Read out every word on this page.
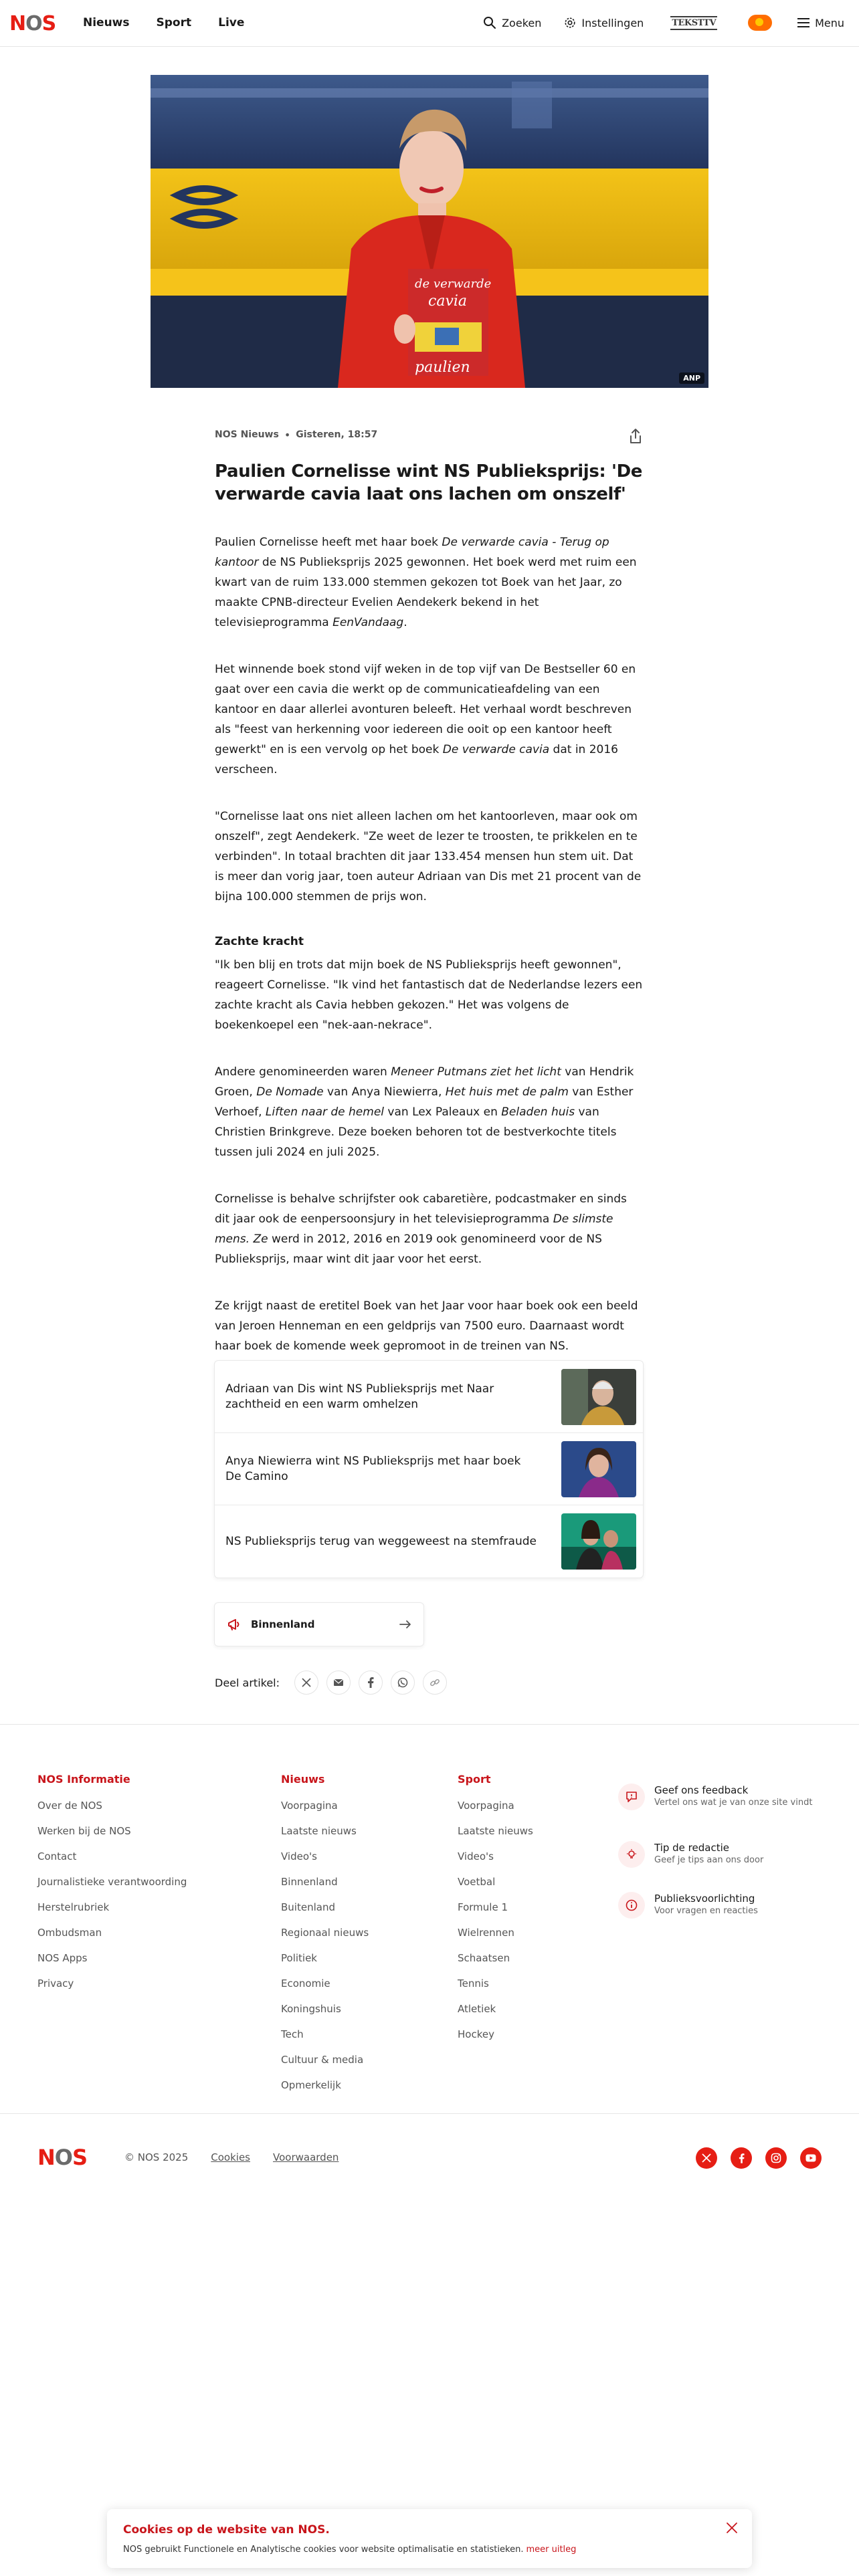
NOS Nieuws Sport Live	Zoeken	Instellingen	TEKSTTV	Menu
de verwarde
cavia
paulien
ANP
NOS Nieuws • Gisteren, 18:57
Paulien Cornelisse wint NS Publieksprijs: 'De verwarde cavia laat ons lachen om onszelf'

Paulien Cornelisse heeft met haar boek De verwarde cavia - Terug op kantoor de NS Publieksprijs 2025 gewonnen. Het boek werd met ruim een kwart van de ruim 133.000 stemmen gekozen tot Boek van het Jaar, zo maakte CPNB-directeur Evelien Aendekerk bekend in het televisieprogramma EenVandaag.

Het winnende boek stond vijf weken in de top vijf van De Bestseller 60 en gaat over een cavia die werkt op de communicatieafdeling van een kantoor en daar allerlei avonturen beleeft. Het verhaal wordt beschreven als "feest van herkenning voor iedereen die ooit op een kantoor heeft gewerkt" en is een vervolg op het boek De verwarde cavia dat in 2016 verscheen.

"Cornelisse laat ons niet alleen lachen om het kantoorleven, maar ook om onszelf", zegt Aendekerk. "Ze weet de lezer te troosten, te prikkelen en te verbinden". In totaal brachten dit jaar 133.454 mensen hun stem uit. Dat is meer dan vorig jaar, toen auteur Adriaan van Dis met 21 procent van de bijna 100.000 stemmen de prijs won.

Zachte kracht

"Ik ben blij en trots dat mijn boek de NS Publieksprijs heeft gewonnen", reageert Cornelisse. "Ik vind het fantastisch dat de Nederlandse lezers een zachte kracht als Cavia hebben gekozen." Het was volgens de boekenkoepel een "nek-aan-nekrace".

Andere genomineerden waren Meneer Putmans ziet het licht van Hendrik Groen, De Nomade van Anya Niewierra, Het huis met de palm van Esther Verhoef, Liften naar de hemel van Lex Paleaux en Beladen huis van Christien Brinkgreve. Deze boeken behoren tot de bestverkochte titels tussen juli 2024 en juli 2025.

Cornelisse is behalve schrijfster ook cabaretière, podcastmaker en sinds dit jaar ook de eenpersoonsjury in het televisieprogramma De slimste mens. Ze werd in 2012, 2016 en 2019 ook genomineerd voor de NS Publieksprijs, maar wint dit jaar voor het eerst.

Ze krijgt naast de eretitel Boek van het Jaar voor haar boek ook een beeld van Jeroen Henneman en een geldprijs van 7500 euro. Daarnaast wordt haar boek de komende week gepromoot in de treinen van NS.

Adriaan van Dis wint NS Publieksprijs met Naar zachtheid en een warm omhelzen
Anya Niewierra wint NS Publieksprijs met haar boek De Camino
NS Publieksprijs terug van weggeweest na stemfraude
Binnenland
Deel artikel:
NOS Informatie
Over de NOS
Werken bij de NOS
Contact
Journalistieke verantwoording
Herstelrubriek
Ombudsman
NOS Apps
Privacy
Nieuws
Voorpagina
Laatste nieuws
Video's
Binnenland
Buitenland
Regionaal nieuws
Politiek
Economie
Koningshuis
Tech
Cultuur & media
Opmerkelijk
Sport
Voorpagina
Laatste nieuws
Video's
Voetbal
Formule 1
Wielrennen
Schaatsen
Tennis
Atletiek
Hockey
Geef ons feedback
Vertel ons wat je van onze site vindt
Tip de redactie
Geef je tips aan ons door
Publieksvoorlichting
Voor vragen en reacties
NOS	© NOS 2025 Cookies Voorwaarden
Cookies op de website van NOS.
NOS gebruikt Functionele en Analytische cookies voor website optimalisatie en statistieken. meer uitleg
